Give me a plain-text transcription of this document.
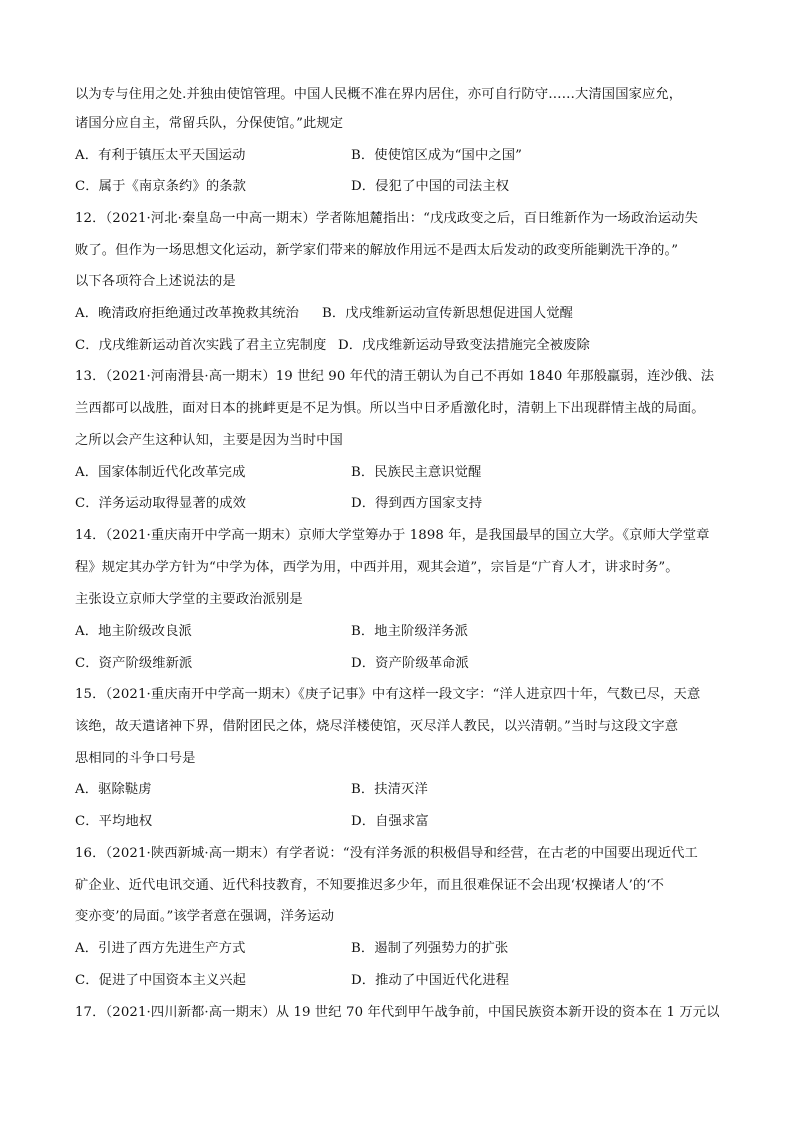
以为专与住用之处.并独由使馆管理。中国人民概不准在界内居住，亦可自行防守……大清国国家应允，
诸国分应自主，常留兵队，分保使馆。”此规定
A．有利于镇压太平天国运动	B．使使馆区成为“国中之国”
C．属于《南京条约》的条款	D．侵犯了中国的司法主权
12．（2021·河北·秦皇岛一中高一期末）学者陈旭麓指出：“戊戌政变之后，百日维新作为一场政治运动失
败了。但作为一场思想文化运动，新学家们带来的解放作用远不是西太后发动的政变所能剿洗干净的。”
以下各项符合上述说法的是
A．晚清政府拒绝通过改革挽救其统治 B．戊戌维新运动宣传新思想促进国人觉醒
C．戊戌维新运动首次实践了君主立宪制度 D．戊戌维新运动导致变法措施完全被废除
13．（2021·河南滑县·高一期末）19 世纪 90 年代的清王朝认为自己不再如 1840 年那般羸弱，连沙俄、法
兰西都可以战胜，面对日本的挑衅更是不足为惧。所以当中日矛盾激化时，清朝上下出现群情主战的局面。
之所以会产生这种认知，主要是因为当时中国
A．国家体制近代化改革完成	B．民族民主意识觉醒
C．洋务运动取得显著的成效	D．得到西方国家支持
14．（2021·重庆南开中学高一期末）京师大学堂筹办于 1898 年，是我国最早的国立大学。《京师大学堂章
程》规定其办学方针为“中学为体，西学为用，中西并用，观其会道”，宗旨是“广育人才，讲求时务”。
主张设立京师大学堂的主要政治派别是
A．地主阶级改良派	B．地主阶级洋务派
C．资产阶级维新派	D．资产阶级革命派
15．（2021·重庆南开中学高一期末）《庚子记事》中有这样一段文字：“洋人进京四十年，气数已尽，天意
该绝，故天遣诸神下界，借附团民之体，烧尽洋楼使馆，灭尽洋人教民，以兴清朝。”当时与这段文字意
思相同的斗争口号是
A．驱除鞑虏	B．扶清灭洋
C．平均地权	D．自强求富
16．（2021·陕西新城·高一期末）有学者说：“没有洋务派的积极倡导和经营，在古老的中国要出现近代工
矿企业、近代电讯交通、近代科技教育，不知要推迟多少年，而且很难保证不会出现‘权操诸人’的‘不
变亦变’的局面。”该学者意在强调，洋务运动
A．引进了西方先进生产方式	B．遏制了列强势力的扩张
C．促进了中国资本主义兴起	D．推动了中国近代化进程
17．（2021·四川新都·高一期末）从 19 世纪 70 年代到甲午战争前，中国民族资本新开设的资本在 1 万元以
